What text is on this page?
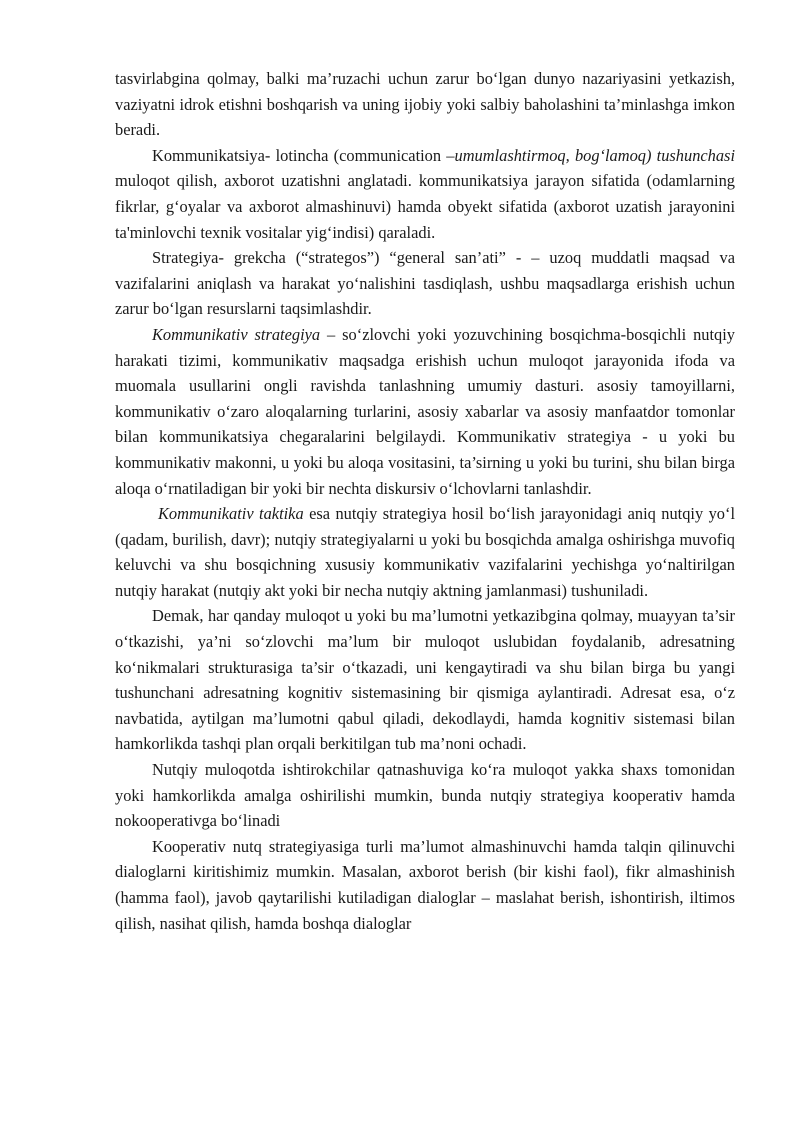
tasvirlabgina qolmay, balki ma’ruzachi uchun zarur bo‘lgan dunyo nazariyasini yetkazish, vaziyatni idrok etishni boshqarish va uning ijobiy yoki salbiy baholashini ta’minlashga imkon beradi.

Kommunikatsiya- lotincha (communication –umumlashtirmoq, bog‘lamoq) tushunchasi muloqot qilish, axborot uzatishni anglatadi. kommunikatsiya jarayon sifatida (odamlarning fikrlar, g‘oyalar va axborot almashinuvi) hamda obyekt sifatida (axborot uzatish jarayonini ta'minlovchi texnik vositalar yig‘indisi) qaraladi.

Strategiya- grekcha (“strategos”) “general san’ati” - – uzoq muddatli maqsad va vazifalarini aniqlash va harakat yo‘nalishini tasdiqlash, ushbu maqsadlarga erishish uchun zarur bo‘lgan resurslarni taqsimlashdir.

Kommunikativ strategiya – so‘zlovchi yoki yozuvchining bosqichma-bosqichli nutqiy harakati tizimi, kommunikativ maqsadga erishish uchun muloqot jarayonida ifoda va muomala usullarini ongli ravishda tanlashning umumiy dasturi. asosiy tamoyillarni, kommunikativ o‘zaro aloqalarning turlarini, asosiy xabarlar va asosiy manfaatdor tomonlar bilan kommunikatsiya chegaralarini belgilaydi. Kommunikativ strategiya - u yoki bu kommunikativ makonni, u yoki bu aloqa vositasini, ta’sirning u yoki bu turini, shu bilan birga aloqa o‘rnatiladigan bir yoki bir nechta diskursiv o‘lchovlarni tanlashdir.

Kommunikativ taktika esa nutqiy strategiya hosil bo‘lish jarayonidagi aniq nutqiy yo‘l (qadam, burilish, davr); nutqiy strategiyalarni u yoki bu bosqichda amalga oshirishga muvofiq keluvchi va shu bosqichning xususiy kommunikativ vazifalarini yechishga yo‘naltirilgan nutqiy harakat (nutqiy akt yoki bir necha nutqiy aktning jamlanmasi) tushuniladi.

Demak, har qanday muloqot u yoki bu ma’lumotni yetkazibgina qolmay, muayyan ta’sir o‘tkazishi, ya’ni so‘zlovchi ma’lum bir muloqot uslubidan foydalanib, adresatning ko‘nikmalari strukturasiga ta’sir o‘tkazadi, uni kengaytiradi va shu bilan birga bu yangi tushunchani adresatning kognitiv sistemasining bir qismiga aylantiradi. Adresat esa, o‘z navbatida, aytilgan ma’lumotni qabul qiladi, dekodlaydi, hamda kognitiv sistemasi bilan hamkorlikda tashqi plan orqali berkitilgan tub ma’noni ochadi.

Nutqiy muloqotda ishtirokchilar qatnashuviga ko‘ra muloqot yakka shaxs tomonidan yoki hamkorlikda amalga oshirilishi mumkin, bunda nutqiy strategiya kooperativ hamda nokooperativga bo‘linadi

Kooperativ nutq strategiyasiga turli ma’lumot almashinuvchi hamda talqin qilinuvchi dialoglarni kiritishimiz mumkin. Masalan, axborot berish (bir kishi faol), fikr almashinish (hamma faol), javob qaytarilishi kutiladigan dialoglar – maslahat berish, ishontirish, iltimos qilish, nasihat qilish, hamda boshqa dialoglar
